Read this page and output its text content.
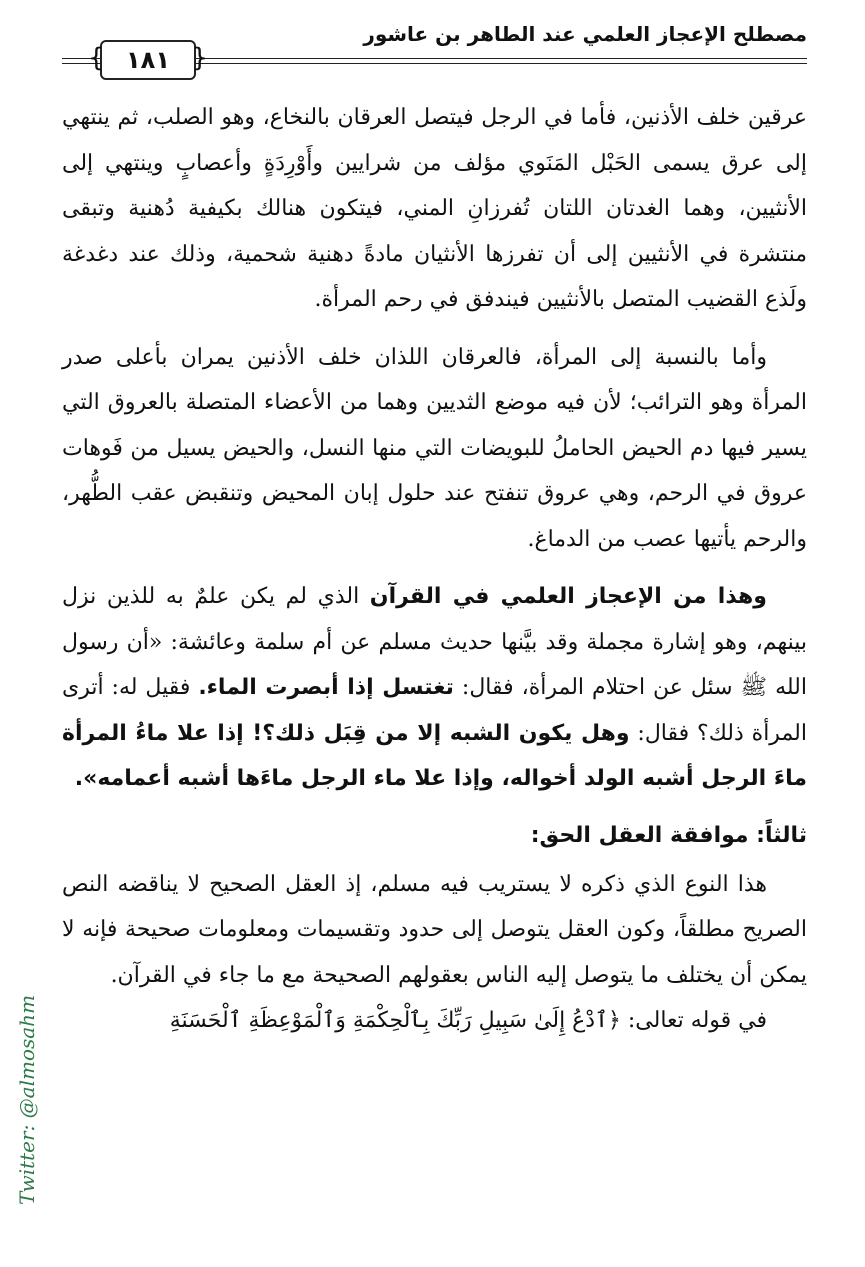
} ١٨١ }
مصطلح الإعجاز العلمي عند الطاهر بن عاشور

عرقين خلف الأذنين، فأما في الرجل فيتصل العرقان بالنخاع، وهو الصلب، ثم ينتهي إلى عرق يسمى الحَبْل المَنَوي مؤلف من شرايين وأَوْرِدَةٍ وأعصابٍ وينتهي إلى الأنثيين، وهما الغدتان اللتان تُفرزانِ المني، فيتكون هنالك بكيفية دُهنية وتبقى منتشرة في الأنثيين إلى أن تفرزها الأنثيان مادةً دهنية شحمية، وذلك عند دغدغة ولَذع القضيب المتصل بالأنثيين فيندفق في رحم المرأة.

وأما بالنسبة إلى المرأة، فالعرقان اللذان خلف الأذنين يمران بأعلى صدر المرأة وهو الترائب؛ لأن فيه موضع الثديين وهما من الأعضاء المتصلة بالعروق التي يسير فيها دم الحيض الحاملُ للبويضات التي منها النسل، والحيض يسيل من فَوهات عروق في الرحم، وهي عروق تنفتح عند حلول إبان المحيض وتنقبض عقب الطُّهر، والرحم يأتيها عصب من الدماغ.

وهذا من الإعجاز العلمي في القرآن الذي لم يكن علمٌ به للذين نزل بينهم، وهو إشارة مجملة وقد بيَّنها حديث مسلم عن أم سلمة وعائشة: «أن رسول الله ﷺ سئل عن احتلام المرأة، فقال: تغتسل إذا أبصرت الماء. فقيل له: أترى المرأة ذلك؟ فقال: وهل يكون الشبه إلا من قِبَل ذلك؟! إذا علا ماءُ المرأة ماءَ الرجل أشبه الولد أخواله، وإذا علا ماء الرجل ماءَها أشبه أعمامه».

ثالثاً: موافقة العقل الحق:

هذا النوع الذي ذكره لا يستريب فيه مسلم، إذ العقل الصحيح لا يناقضه النص الصريح مطلقاً، وكون العقل يتوصل إلى حدود وتقسيمات ومعلومات صحيحة فإنه لا يمكن أن يختلف ما يتوصل إليه الناس بعقولهم الصحيحة مع ما جاء في القرآن.

في قوله تعالى: ﴿ٱدْعُ إِلَىٰ سَبِيلِ رَبِّكَ بِٱلْحِكْمَةِ وَٱلْمَوْعِظَةِ ٱلْحَسَنَةِ

Twitter: @almosahm
